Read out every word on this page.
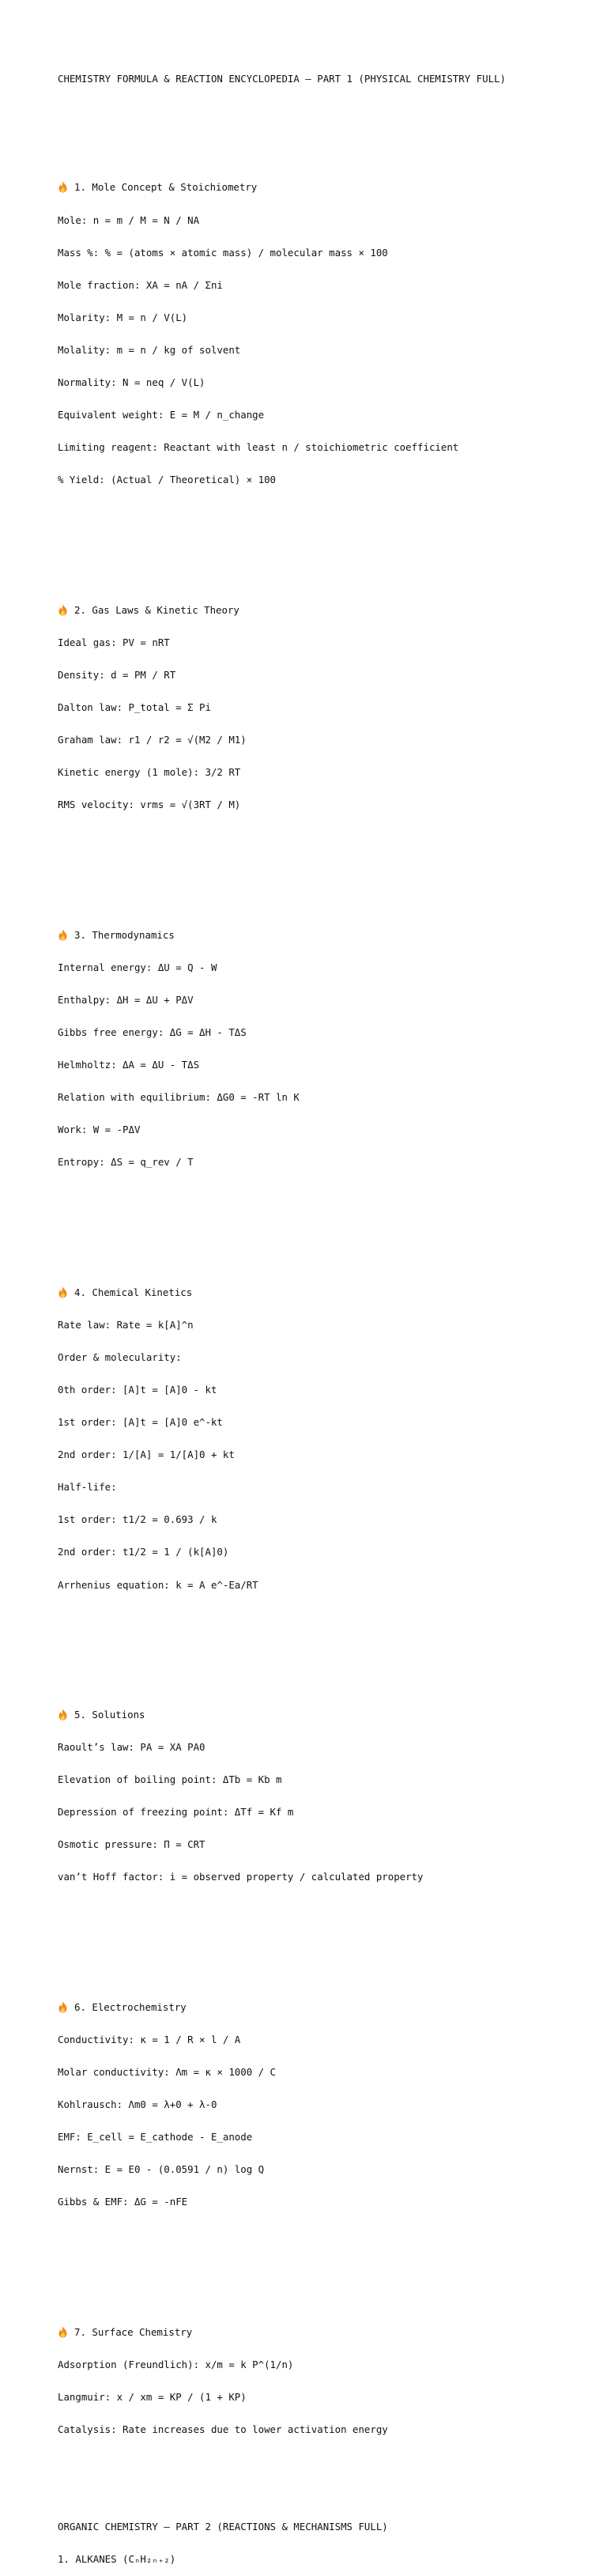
CHEMISTRY FORMULA & REACTION ENCYCLOPEDIA – PART 1 (PHYSICAL CHEMISTRY FULL)

1. Mole Concept & Stoichiometry

Mole: n = m / M = N / NA

Mass %: % = (atoms × atomic mass) / molecular mass × 100

Mole fraction: XA = nA / Σni

Molarity: M = n / V(L)

Molality: m = n / kg of solvent

Normality: N = neq / V(L)

Equivalent weight: E = M / n_change

Limiting reagent: Reactant with least n / stoichiometric coefficient

% Yield: (Actual / Theoretical) × 100

2. Gas Laws & Kinetic Theory

Ideal gas: PV = nRT

Density: d = PM / RT

Dalton law: P_total = Σ Pi

Graham law: r1 / r2 = √(M2 / M1)

Kinetic energy (1 mole): 3/2 RT

RMS velocity: vrms = √(3RT / M)

3. Thermodynamics

Internal energy: ΔU = Q - W

Enthalpy: ΔH = ΔU + PΔV

Gibbs free energy: ΔG = ΔH - TΔS

Helmholtz: ΔA = ΔU - TΔS

Relation with equilibrium: ΔG0 = -RT ln K

Work: W = -PΔV

Entropy: ΔS = q_rev / T

4. Chemical Kinetics

Rate law: Rate = k[A]^n

Order & molecularity:

0th order: [A]t = [A]0 - kt

1st order: [A]t = [A]0 e^-kt

2nd order: 1/[A] = 1/[A]0 + kt

Half-life:

1st order: t1/2 = 0.693 / k

2nd order: t1/2 = 1 / (k[A]0)

Arrhenius equation: k = A e^-Ea/RT

5. Solutions

Raoult’s law: PA = XA PA0

Elevation of boiling point: ΔTb = Kb m

Depression of freezing point: ΔTf = Kf m

Osmotic pressure: Π = CRT

van’t Hoff factor: i = observed property / calculated property

6. Electrochemistry

Conductivity: κ = 1 / R × l / A

Molar conductivity: Λm = κ × 1000 / C

Kohlrausch: Λm0 = λ+0 + λ-0

EMF: E_cell = E_cathode - E_anode

Nernst: E = E0 - (0.0591 / n) log Q

Gibbs & EMF: ΔG = -nFE

7. Surface Chemistry

Adsorption (Freundlich): x/m = k P^(1/n)

Langmuir: x / xm = KP / (1 + KP)

Catalysis: Rate increases due to lower activation energy

ORGANIC CHEMISTRY – PART 2 (REACTIONS & MECHANISMS FULL)

1. ALKANES (CₙH₂ₙ₊₂)
